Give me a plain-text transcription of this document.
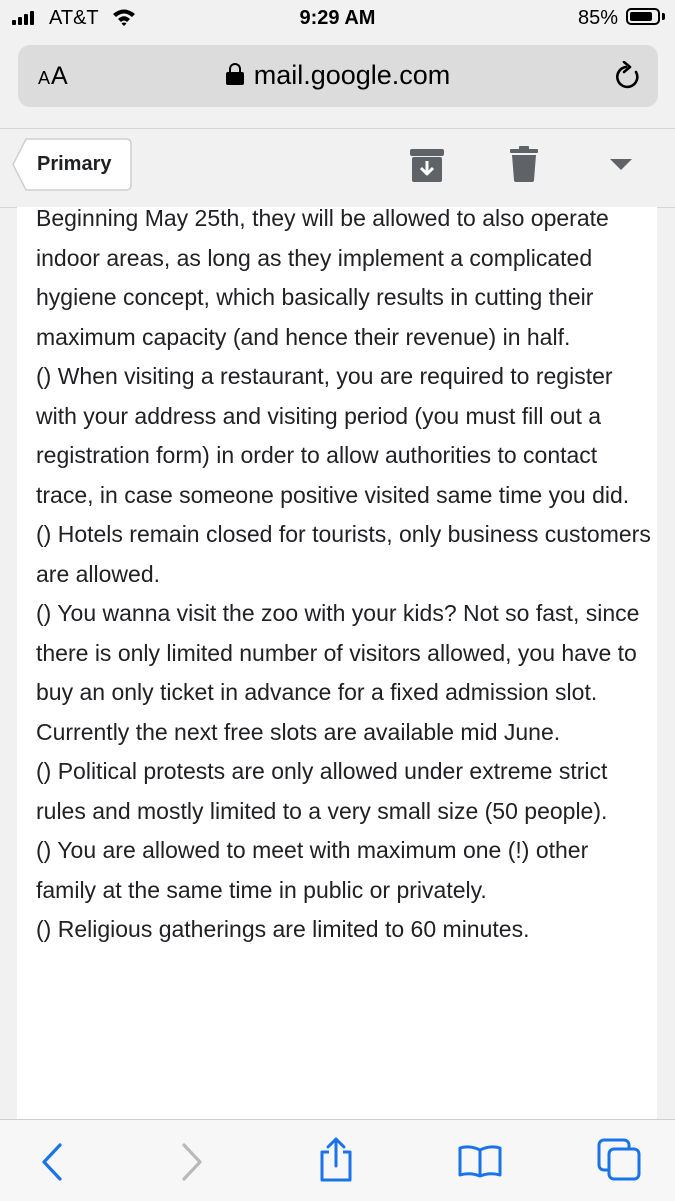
AT&T	9:29 AM	85%
AA	mail.google.com
Primary

Beginning May 25th, they will be allowed to also operate indoor areas, as long as they implement a complicated hygiene concept, which basically results in cutting their maximum capacity (and hence their revenue) in half.

() When visiting a restaurant, you are required to register with your address and visiting period (you must fill out a registration form) in order to allow authorities to contact trace, in case someone positive visited same time you did.

() Hotels remain closed for tourists, only business customers are allowed.

() You wanna visit the zoo with your kids? Not so fast, since there is only limited number of visitors allowed, you have to buy an only ticket in advance for a fixed admission slot. Currently the next free slots are available mid June.

() Political protests are only allowed under extreme strict rules and mostly limited to a very small size (50 people).

() You are allowed to meet with maximum one (!) other family at the same time in public or privately.

() Religious gatherings are limited to 60 minutes.
